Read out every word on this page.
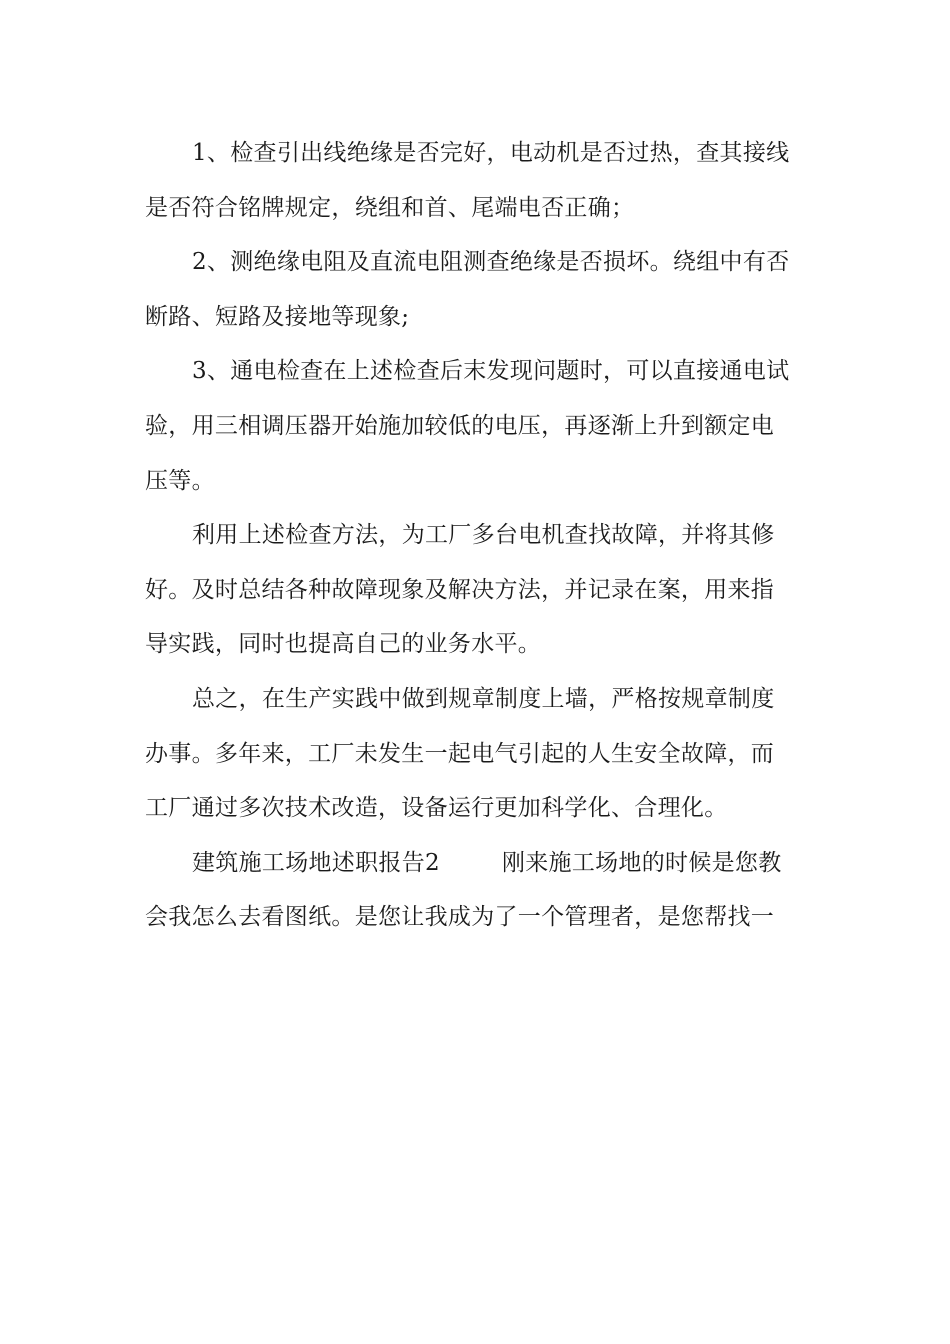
1、检查引出线绝缘是否完好，电动机是否过热，查其接线
是否符合铭牌规定，绕组和首、尾端电否正确；
2、测绝缘电阻及直流电阻测查绝缘是否损坏。绕组中有否
断路、短路及接地等现象;
3、通电检查在上述检查后末发现问题时，可以直接通电试
验，用三相调压器开始施加较低的电压，再逐渐上升到额定电
压等。
利用上述检查方法，为工厂多台电机查找故障，并将其修
好。及时总结各种故障现象及解决方法，并记录在案，用来指
导实践，同时也提高自己的业务水平。
总之，在生产实践中做到规章制度上墙，严格按规章制度
办事。多年来，工厂未发生一起电气引起的人生安全故障，而
工厂通过多次技术改造，设备运行更加科学化、合理化。
建筑施工场地述职报告2	刚来施工场地的时候是您教
会我怎么去看图纸。是您让我成为了一个管理者，是您帮找一
